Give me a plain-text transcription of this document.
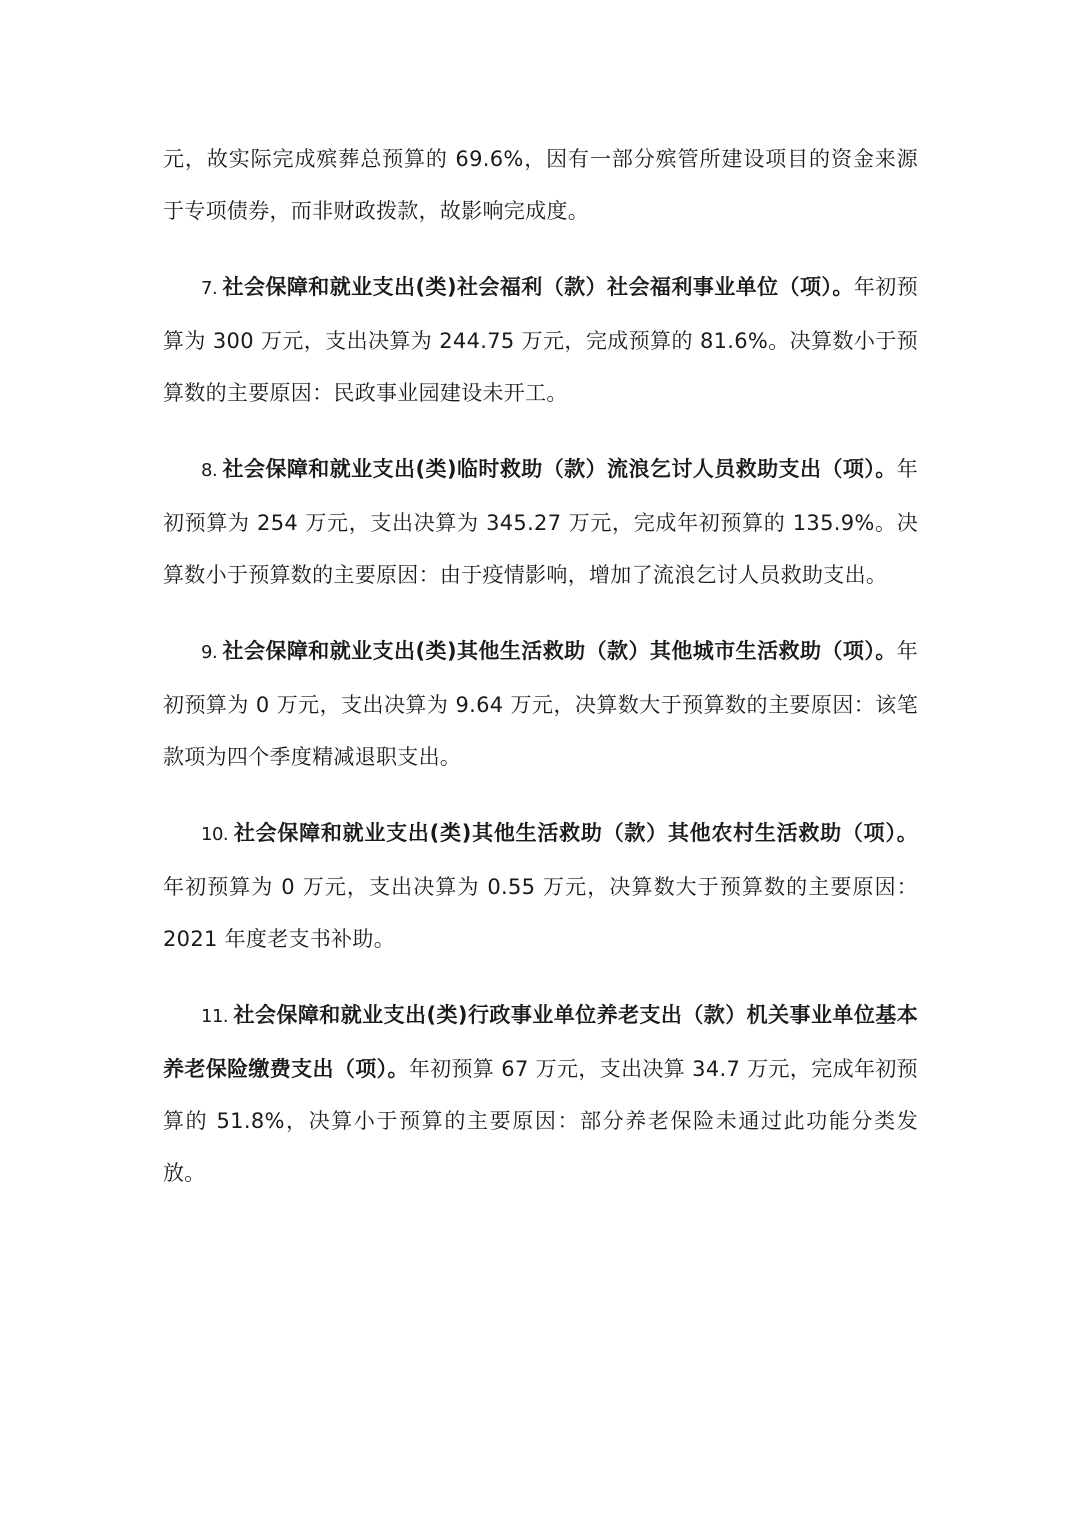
元，故实际完成殡葬总预算的 69.6%，因有一部分殡管所建设项目的资金来源于专项债券，而非财政拨款，故影响完成度。

7. 社会保障和就业支出(类)社会福利（款）社会福利事业单位（项）。年初预算为 300 万元，支出决算为 244.75 万元，完成预算的 81.6%。决算数小于预算数的主要原因：民政事业园建设未开工。

8. 社会保障和就业支出(类)临时救助（款）流浪乞讨人员救助支出（项）。年初预算为 254 万元，支出决算为 345.27 万元，完成年初预算的 135.9%。决算数小于预算数的主要原因：由于疫情影响，增加了流浪乞讨人员救助支出。

9. 社会保障和就业支出(类)其他生活救助（款）其他城市生活救助（项）。年初预算为 0 万元，支出决算为 9.64 万元，决算数大于预算数的主要原因：该笔款项为四个季度精减退职支出。

10. 社会保障和就业支出(类)其他生活救助（款）其他农村生活救助（项）。年初预算为 0 万元，支出决算为 0.55 万元，决算数大于预算数的主要原因：2021 年度老支书补助。

11. 社会保障和就业支出(类)行政事业单位养老支出（款）机关事业单位基本养老保险缴费支出（项）。年初预算 67 万元，支出决算 34.7 万元，完成年初预算的 51.8%，决算小于预算的主要原因：部分养老保险未通过此功能分类发放。
